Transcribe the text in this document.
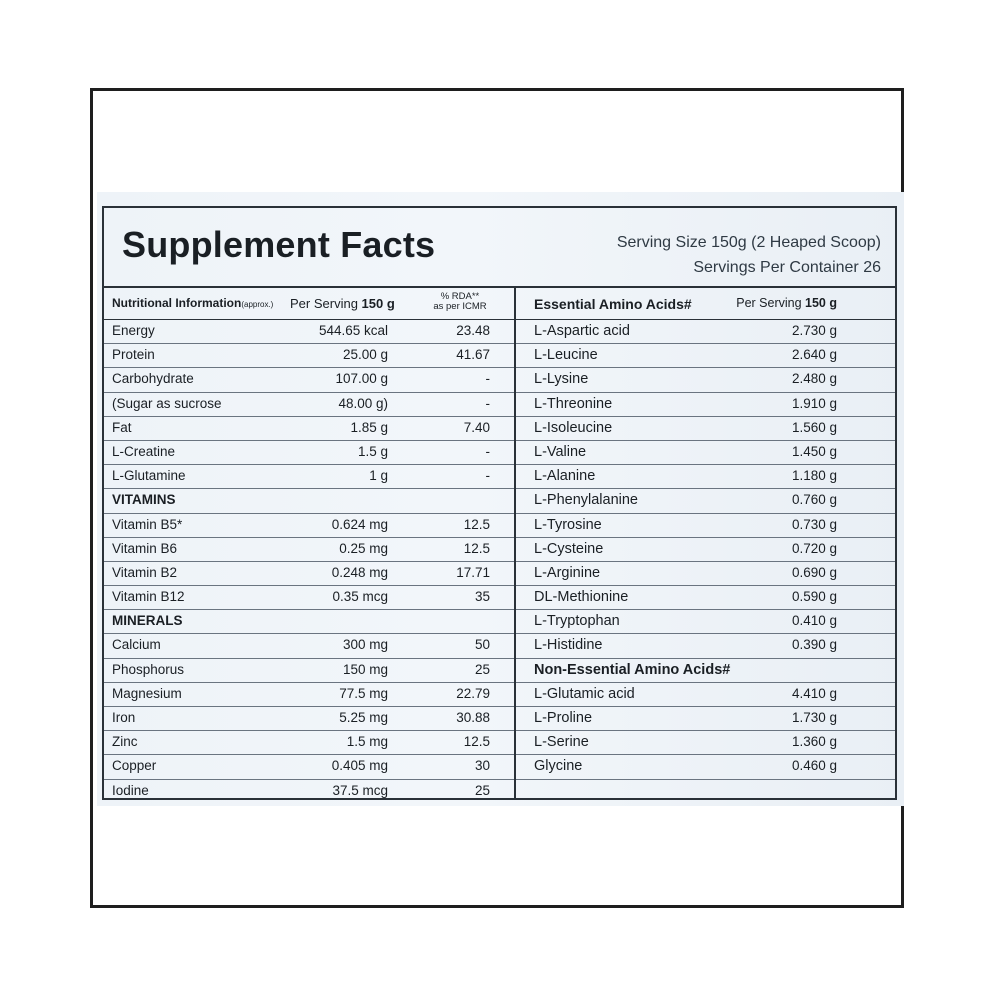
Supplement Facts	Serving Size 150g (2 Heaped Scoop)
Servings Per Container 26
Nutritional Information(approx.) Per Serving 150 g	% RDA**
as per ICMR
Energy	544.65 kcal	23.48
Protein	25.00 g	41.67
Carbohydrate	107.00 g	-
(Sugar as sucrose	48.00 g)	-
Fat	1.85 g	7.40
L-Creatine	1.5 g	-
L-Glutamine	1 g	-
VITAMINS
Vitamin B5*	0.624 mg	12.5
Vitamin B6	0.25 mg	12.5
Vitamin B2	0.248 mg	17.71
Vitamin B12	0.35 mcg	35
MINERALS
Calcium	300 mg	50
Phosphorus	150 mg	25
Magnesium	77.5 mg	22.79
Iron	5.25 mg	30.88
Zinc	1.5 mg	12.5
Copper	0.405 mg	30
Iodine	37.5 mcg	25
Essential Amino Acids#	Per Serving 150 g
L-Aspartic acid	2.730 g
L-Leucine	2.640 g
L-Lysine	2.480 g
L-Threonine	1.910 g
L-Isoleucine	1.560 g
L-Valine	1.450 g
L-Alanine	1.180 g
L-Phenylalanine	0.760 g
L-Tyrosine	0.730 g
L-Cysteine	0.720 g
L-Arginine	0.690 g
DL-Methionine	0.590 g
L-Tryptophan	0.410 g
L-Histidine	0.390 g
Non-Essential Amino Acids#
L-Glutamic acid	4.410 g
L-Proline	1.730 g
L-Serine	1.360 g
Glycine	0.460 g
